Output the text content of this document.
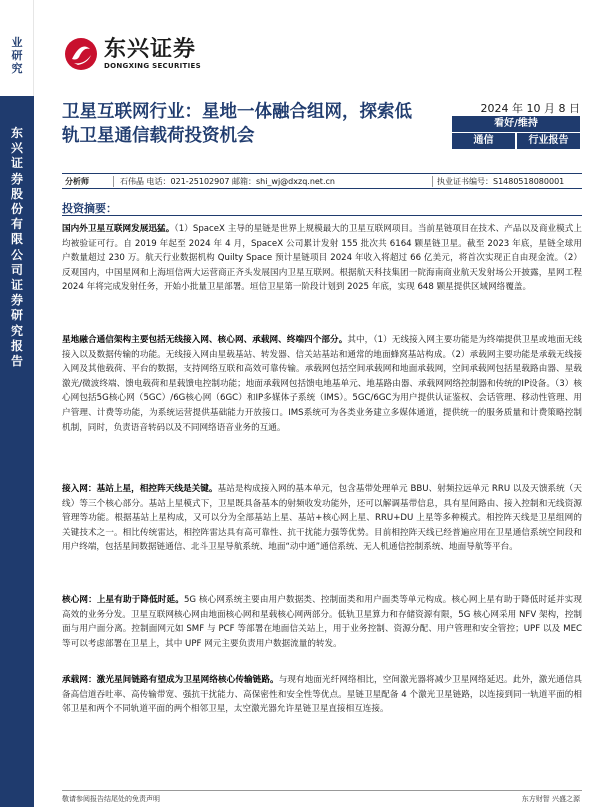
业研究
东兴证券股份有限公司证券研究报告
东兴证券
DONGXING SECURITIES
卫星互联网行业：星地一体融合组网，探索低轨卫星通信载荷投资机会
2024 年 10 月 8 日
看好/维持
通信	行业报告
分析师	石伟晶 电话：021-25102907 邮箱：shi_wj@dxzq.net.cn	执业证书编号：S1480518080001
投资摘要：
国内外卫星互联网发展迅猛。（1）SpaceX 主导的星链是世界上规模最大的卫星互联网项目。当前星链项目在技术、产品以及商业模式上均被验证可行。自 2019 年起至 2024 年 4 月，SpaceX 公司累计发射 155 批次共 6164 颗星链卫星。截至 2023 年底，星链全球用户数量超过 230 万。航天行业数据机构 Quilty Space 预计星链项目 2024 年收入将超过 66 亿美元，将首次实现正自由现金流。（2）反观国内，中国星网和上海垣信两大运营商正齐头发展国内卫星互联网。根据航天科技集团一院海南商业航天发射场公开披露，星网工程 2024 年将完成发射任务，开始小批量卫星部署。垣信卫星第一阶段计划到 2025 年底，实现 648 颗星提供区域网络覆盖。
星地融合通信架构主要包括无线接入网、核心网、承载网、终端四个部分。其中，（1）无线接入网主要功能是为终端提供卫星或地面无线接入以及数据传输的功能。无线接入网由星载基站、转发器、信关站基站和通常的地面蜂窝基站构成。（2）承载网主要功能是承载无线接入网及其他载荷、平台的数据，支持网络互联和高效可靠传输。承载网包括空间承载网和地面承载网，空间承载网包括星载路由器、星载激光/微波终端、馈电载荷和星载馈电控制功能；地面承载网包括馈电地基单元、地基路由器、承载网网络控制器和传统的IP设备。（3）核心网包括5G核心网（5GC）/6G核心网（6GC）和IP多媒体子系统（IMS）。5GC/6GC为用户提供认证鉴权、会话管理、移动性管理、用户管理、计费等功能，为系统运营提供基础能力开放接口。IMS系统可为各类业务建立多媒体通道，提供统一的服务质量和计费策略控制机制，同时，负责语音转码以及不同网络语音业务的互通。
接入网：基站上星，相控阵天线是关键。基站是构成接入网的基本单元，包含基带处理单元 BBU、射频拉远单元 RRU 以及天馈系统（天线）等三个核心部分。基站上星模式下，卫星既具备基本的射频收发功能外，还可以解调基带信息，具有星间路由、接入控制和无线资源管理等功能。根据基站上星构成，又可以分为全部基站上星、基站+核心网上星、RRU+DU 上星等多种模式。相控阵天线是卫星组网的关键技术之一。相比传统雷达，相控阵雷达具有高可靠性、抗干扰能力强等优势。目前相控阵天线已经普遍应用在卫星通信系统空间段和用户终端，包括星间数据链通信、北斗卫星导航系统、地面“动中通”通信系统、无人机通信控制系统、地面导航等平台。
核心网：上星有助于降低时延。5G 核心网系统主要由用户数据类、控制面类和用户面类等单元构成。核心网上星有助于降低时延并实现高效的业务分发。卫星互联网核心网由地面核心网和星载核心网两部分。低轨卫星算力和存储资源有限，5G 核心网采用 NFV 架构，控制面与用户面分离。控制面网元如 SMF 与 PCF 等部署在地面信关站上，用于业务控制、资源分配、用户管理和安全管控；UPF 以及 MEC 等可以考虑部署在卫星上，其中 UPF 网元主要负责用户数据流量的转发。
承载网：激光星间链路有望成为卫星网络核心传输链路。与现有地面光纤网络相比，空间激光器将减少卫星网络延迟。此外，激光通信具备高信道吞吐率、高传输带宽、强抗干扰能力、高保密性和安全性等优点。星链卫星配备 4 个激光卫星链路，以连接到同一轨道平面的相邻卫星和两个不同轨道平面的两个相邻卫星，太空激光器允许星链卫星直接相互连接。
敬请参阅报告结尾处的免责声明	东方财智 兴盛之源
